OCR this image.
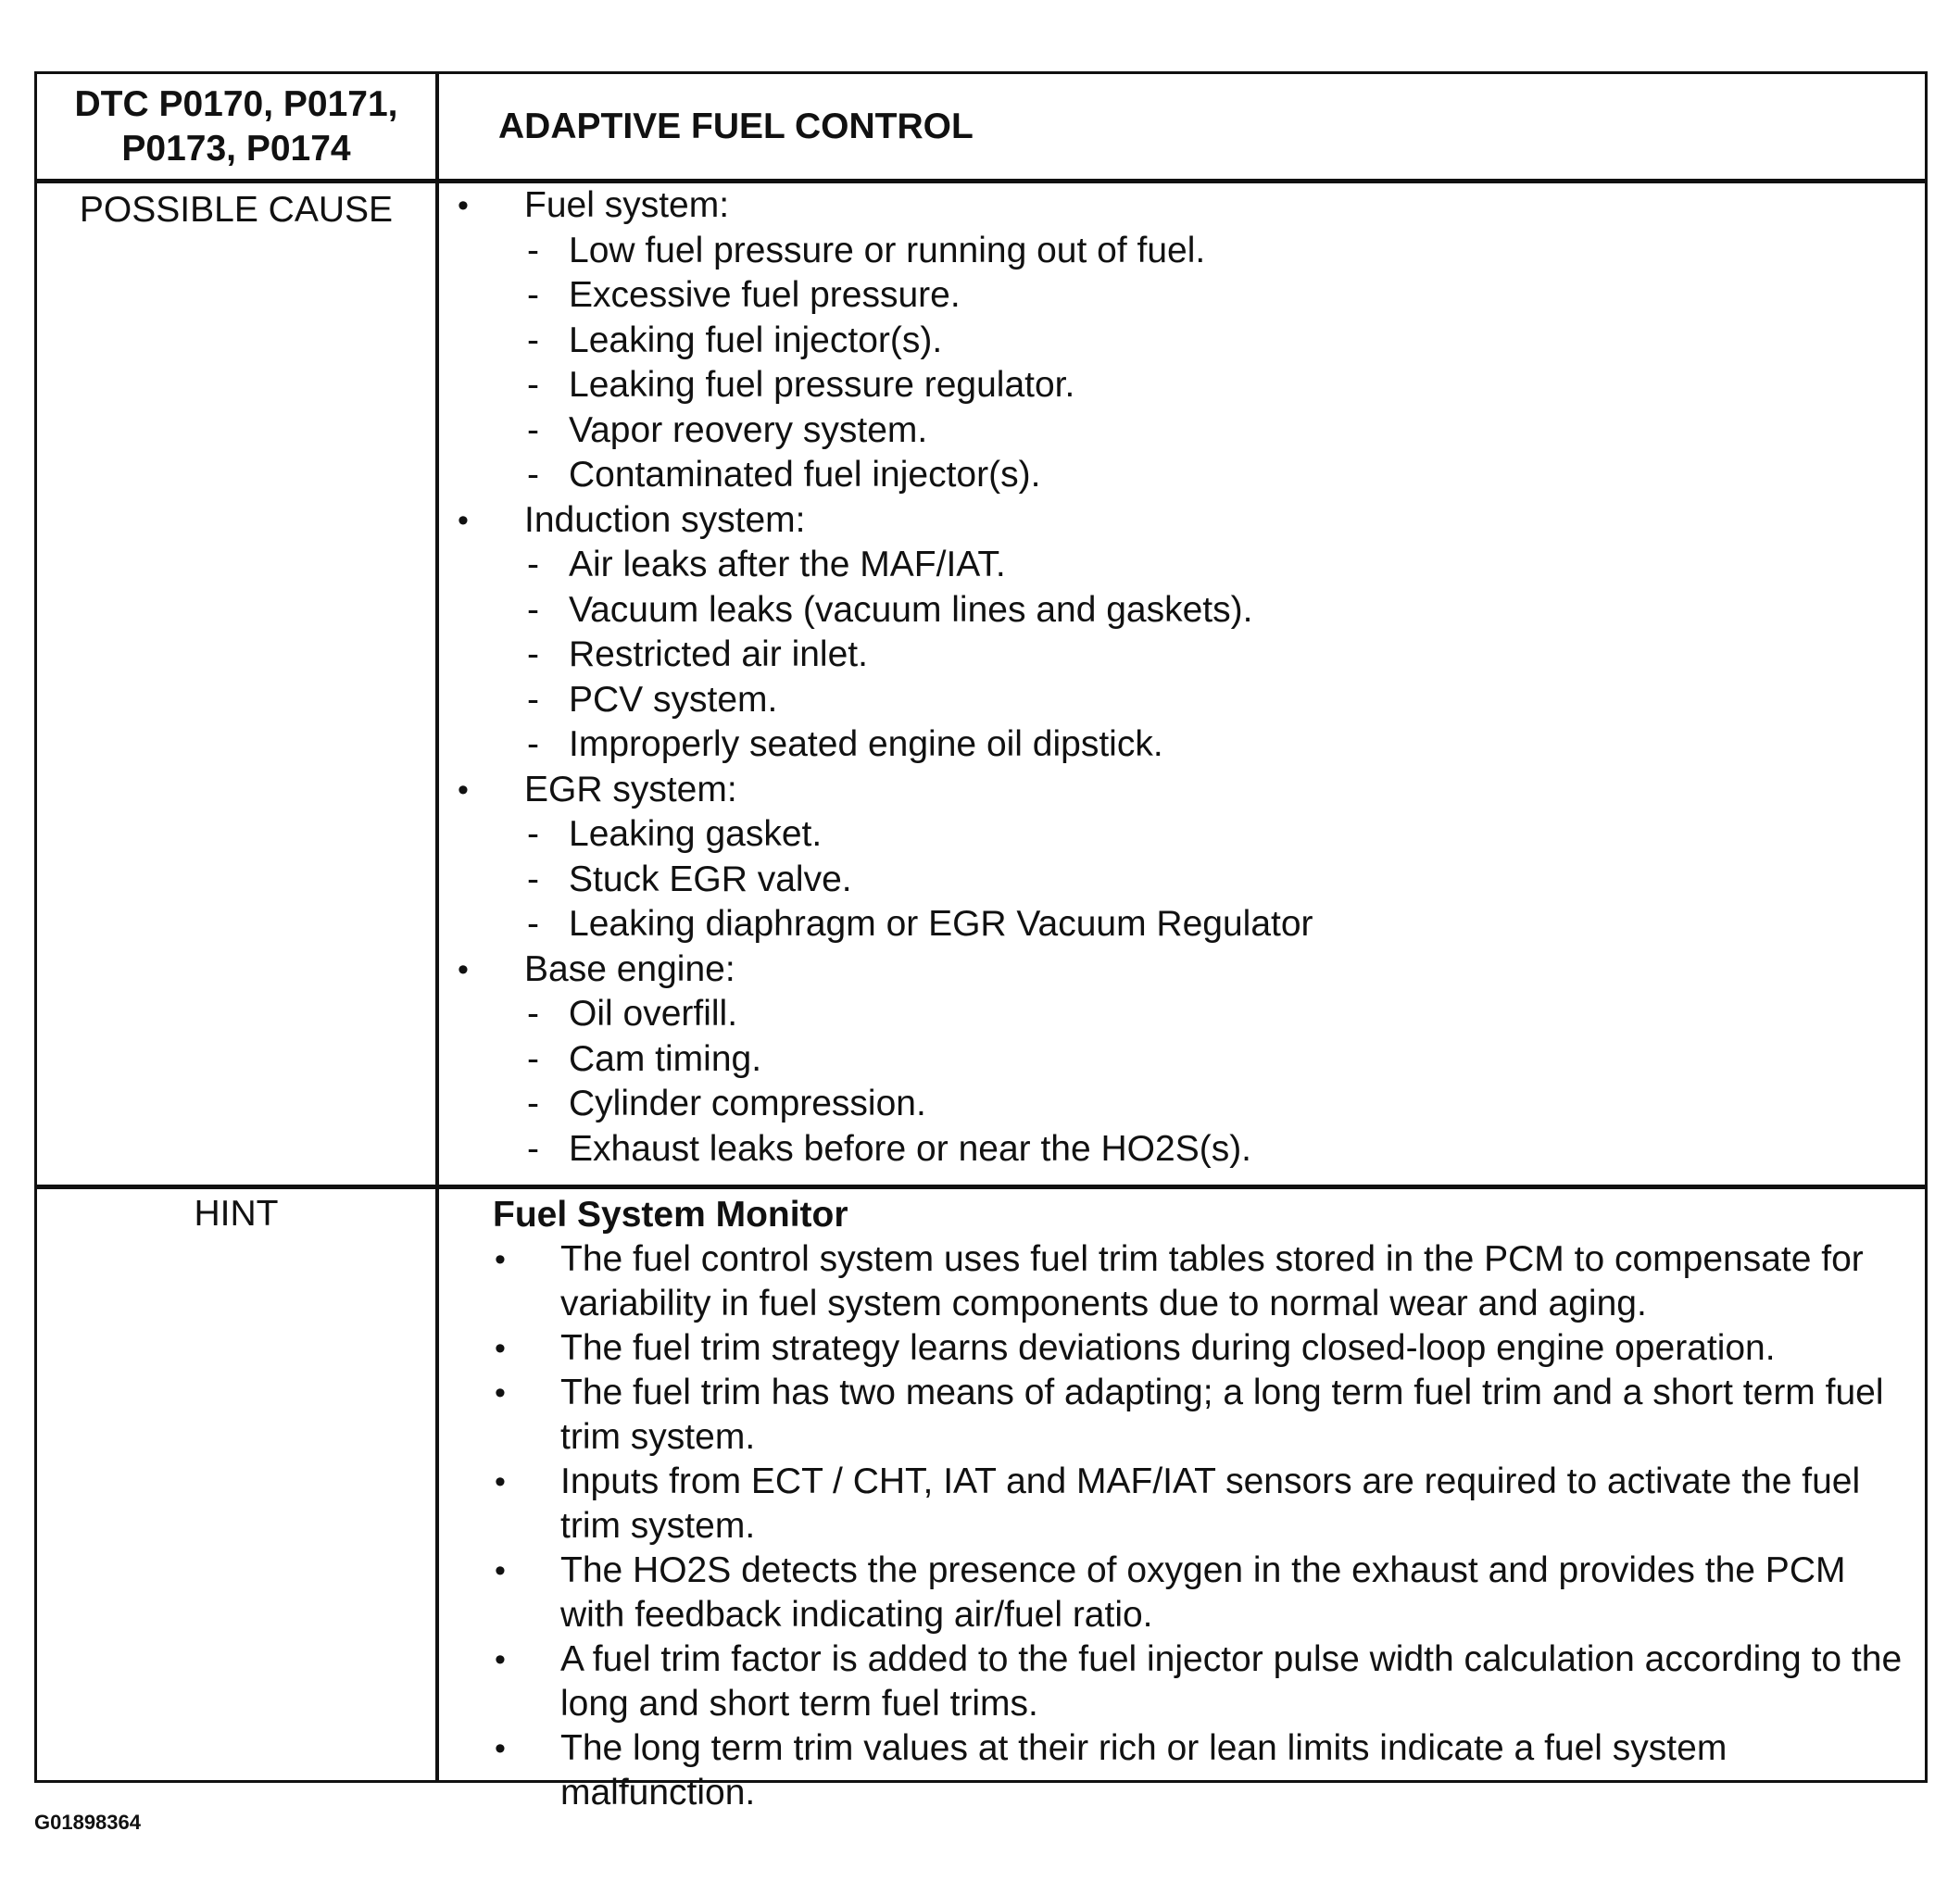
DTC P0170, P0171, P0173, P0174
ADAPTIVE FUEL CONTROL
POSSIBLE CAUSE	• Fuel system:
- Low fuel pressure or running out of fuel.
- Excessive fuel pressure.
- Leaking fuel injector(s).
- Leaking fuel pressure regulator.
- Vapor reovery system.
- Contaminated fuel injector(s).
• Induction system:
- Air leaks after the MAF/IAT.
- Vacuum leaks (vacuum lines and gaskets).
- Restricted air inlet.
- PCV system.
- Improperly seated engine oil dipstick.
• EGR system:
- Leaking gasket.
- Stuck EGR valve.
- Leaking diaphragm or EGR Vacuum Regulator
• Base engine:
- Oil overfill.
- Cam timing.
- Cylinder compression.
- Exhaust leaks before or near the HO2S(s).
HINT	Fuel System Monitor
• The fuel control system uses fuel trim tables stored in the PCM to compensate for variability in fuel system components due to normal wear and aging.
• The fuel trim strategy learns deviations during closed-loop engine operation.
• The fuel trim has two means of adapting; a long term fuel trim and a short term fuel trim system.
• Inputs from ECT / CHT, IAT and MAF/IAT sensors are required to activate the fuel trim system.
• The HO2S detects the presence of oxygen in the exhaust and provides the PCM with feedback indicating air/fuel ratio.
• A fuel trim factor is added to the fuel injector pulse width calculation according to the long and short term fuel trims.
• The long term trim values at their rich or lean limits indicate a fuel system malfunction.
G01898364
